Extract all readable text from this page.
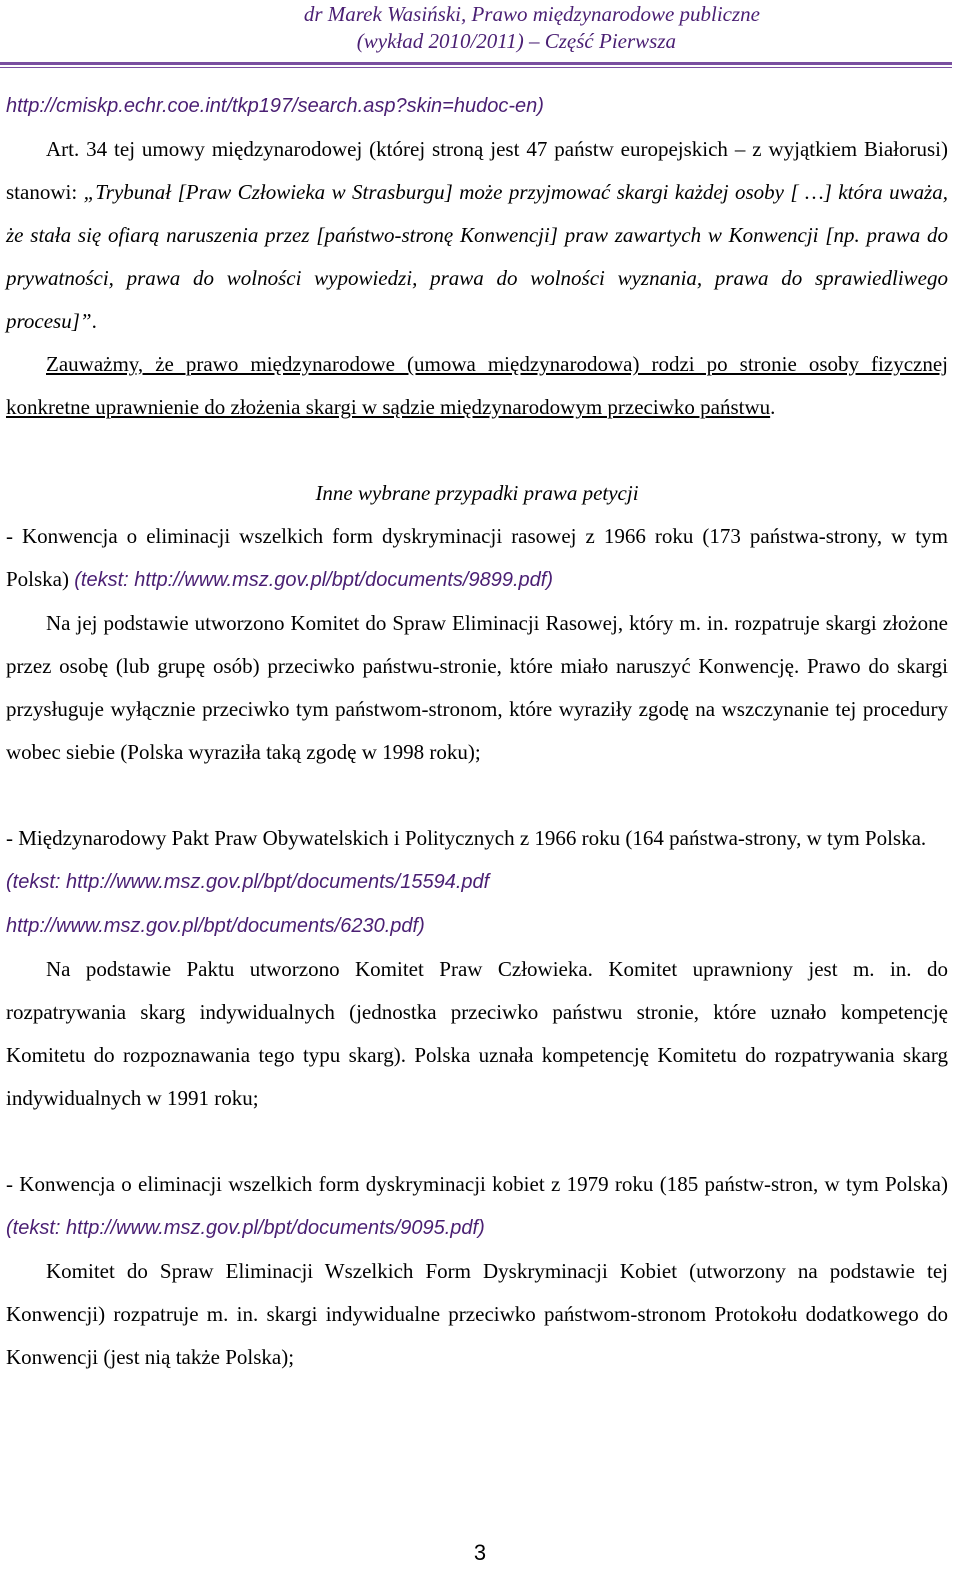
dr Marek Wasiński, Prawo międzynarodowe publiczne
(wykład 2010/2011) – Część Pierwsza

http://cmiskp.echr.coe.int/tkp197/search.asp?skin=hudoc-en)

Art. 34 tej umowy międzynarodowej (której stroną jest 47 państw europejskich – z wyjątkiem Białorusi) stanowi: „Trybunał [Praw Człowieka w Strasburgu] może przyjmować skargi każdej osoby [ …] która uważa, że stała się ofiarą naruszenia przez [państwo-stronę Konwencji] praw zawartych w Konwencji [np. prawa do prywatności, prawa do wolności wypowiedzi, prawa do wolności wyznania, prawa do sprawiedliwego procesu]”.

Zauważmy, że prawo międzynarodowe (umowa międzynarodowa) rodzi po stronie osoby fizycznej konkretne uprawnienie do złożenia skargi w sądzie międzynarodowym przeciwko państwu.

Inne wybrane przypadki prawa petycji

- Konwencja o eliminacji wszelkich form dyskryminacji rasowej z 1966 roku (173 państwa-strony, w tym Polska) (tekst: http://www.msz.gov.pl/bpt/documents/9899.pdf)

Na jej podstawie utworzono Komitet do Spraw Eliminacji Rasowej, który m. in. rozpatruje skargi złożone przez osobę (lub grupę osób) przeciwko państwu-stronie, które miało naruszyć Konwencję. Prawo do skargi przysługuje wyłącznie przeciwko tym państwom-stronom, które wyraziły zgodę na wszczynanie tej procedury wobec siebie (Polska wyraziła taką zgodę w 1998 roku);

- Międzynarodowy Pakt Praw Obywatelskich i Politycznych z 1966 roku (164 państwa-strony, w tym Polska.

(tekst: http://www.msz.gov.pl/bpt/documents/15594.pdf

http://www.msz.gov.pl/bpt/documents/6230.pdf)

Na podstawie Paktu utworzono Komitet Praw Człowieka. Komitet uprawniony jest m. in. do rozpatrywania skarg indywidualnych (jednostka przeciwko państwu stronie, które uznało kompetencję Komitetu do rozpoznawania tego typu skarg). Polska uznała kompetencję Komitetu do rozpatrywania skarg indywidualnych w 1991 roku;

- Konwencja o eliminacji wszelkich form dyskryminacji kobiet z 1979 roku (185 państw-stron, w tym Polska) (tekst: http://www.msz.gov.pl/bpt/documents/9095.pdf)

Komitet do Spraw Eliminacji Wszelkich Form Dyskryminacji Kobiet (utworzony na podstawie tej Konwencji) rozpatruje m. in. skargi indywidualne przeciwko państwom-stronom Protokołu dodatkowego do Konwencji (jest nią także Polska);

3
